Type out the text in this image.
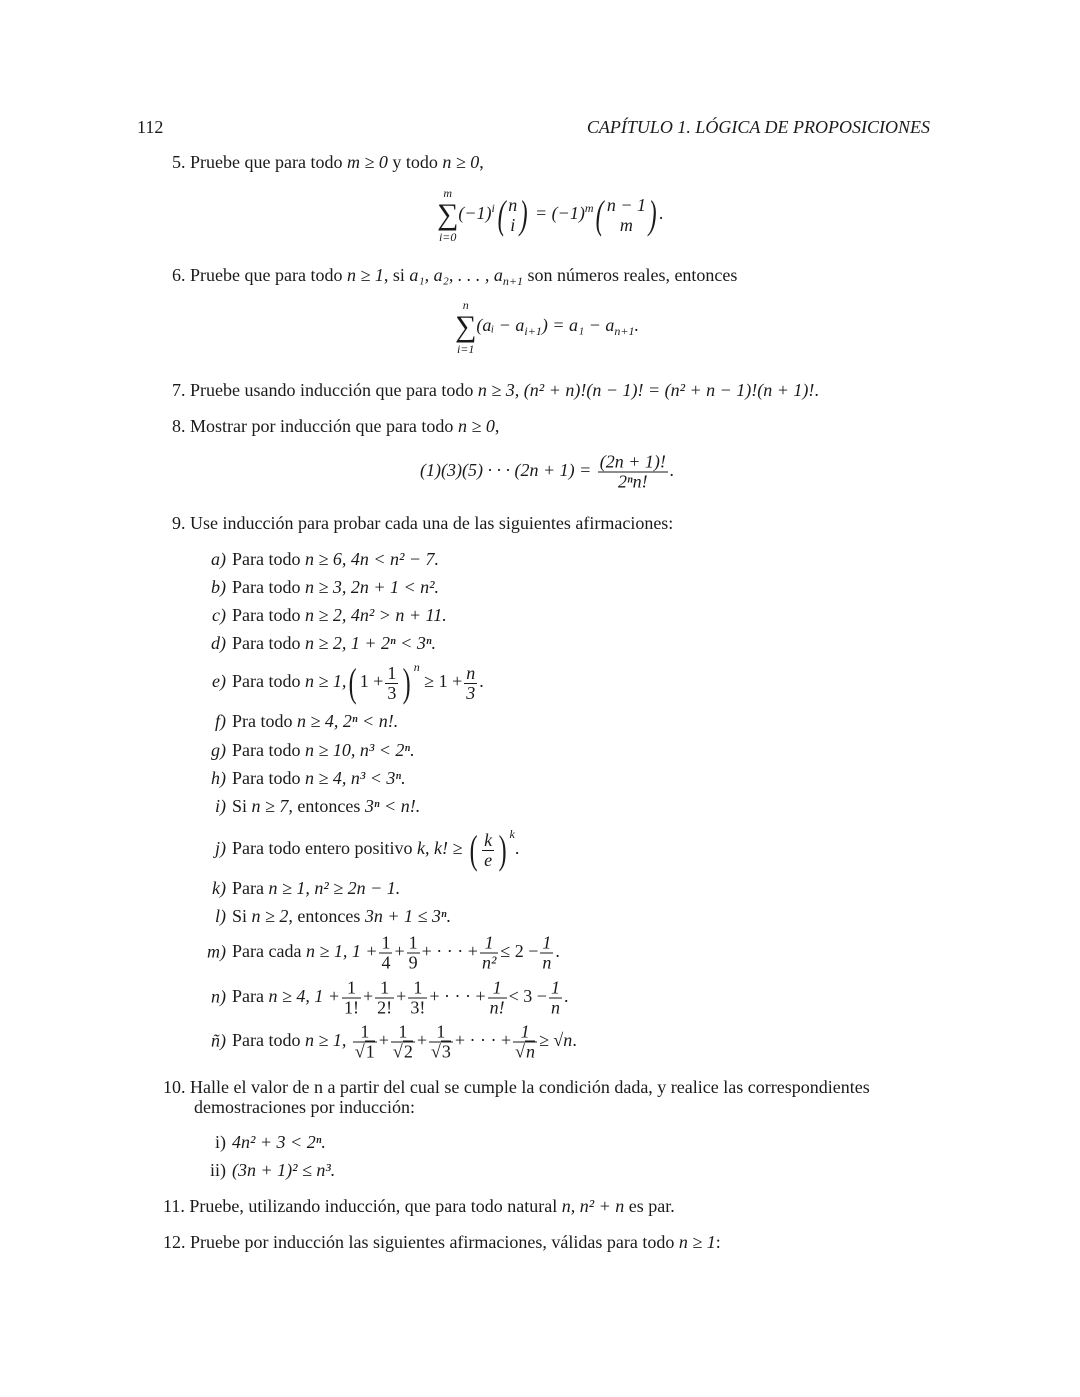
112	CAPÍTULO 1. LÓGICA DE PROPOSICIONES
5. Pruebe que para todo m ≥ 0 y todo n ≥ 0,
m
∑
i=0
$(-1)^i$( n
i ) = $(-1)^m$( n − 1
m ) .
6. Pruebe que para todo n ≥ 1, si a₁, a₂, . . . , $a_{n+1}$ son números reales, entonces
n
∑
i=1
(aᵢ − $a_{i+1}) = a_1 - a_{n+1}$.
7. Pruebe usando inducción que para todo n ≥ 3, (n² + n)!(n − 1)! = (n² + n − 1)!(n + 1)!.
8. Mostrar por inducción que para todo n ≥ 0,
(1)(3)(5) · · · $(2n + 1) = \frac{(2n + 1)!}{\text{2ⁿn!}}$ .
9. Use inducción para probar cada una de las siguientes afirmaciones:
a) Para todo n ≥ 6, 4n < n² − 7.
b) Para todo n ≥ 3, 2n + 1 < n².
c) Para todo n ≥ 2, 4n² > n + 11.
d) Para todo n ≥ 2, 1 + 2ⁿ < 3ⁿ.
e) Para todo n ≥ 1,( $1 + \frac{1}{3}$ ) $^n \ge 1 + \frac{n}{3}$ .
f) Pra todo n ≥ 4, 2ⁿ < n!.
g) Para todo n ≥ 10, n³ < 2ⁿ.
h) Para todo n ≥ 4, n³ < 3ⁿ.
i) Si n ≥ 7, entonces 3ⁿ < n!.
j) Para todo entero positivo k, k! ≥ ( $\frac{k}{e}$ ) $^k$.
k) Para n ≥ 1, n² ≥ 2n − 1.
l) Si n ≥ 2, entonces 3n + 1 ≤ 3ⁿ.
m) Para cada n ≥ 1, $1 + \frac{1}{4} + \frac{1}{9}$ + · · · + $\frac{1}{\text{n²}} \le 2 - \frac{1}{n}$ .
n) Para n ≥ 4, $1 + \frac{1}{1!} + \frac{1}{2!} + \frac{1}{3!}$ + · · · + $\frac{1}{n!} < 3 - \frac{1}{n}$ .
ñ) Para todo n ≥ 1, $\frac{1}{√1} + \frac{1}{√2} + \frac{1}{√3}$ + · · · + $\frac{1}{√n} \ge √n$.
10. Halle el valor de n a partir del cual se cumple la condición dada, y realice las correspondientes
demostraciones por inducción:
i) 4n² + 3 < 2ⁿ.
ii) (3n + 1)² ≤ n³.
11. Pruebe, utilizando inducción, que para todo natural n, n² + n es par.
12. Pruebe por inducción las siguientes afirmaciones, válidas para todo n ≥ 1:
